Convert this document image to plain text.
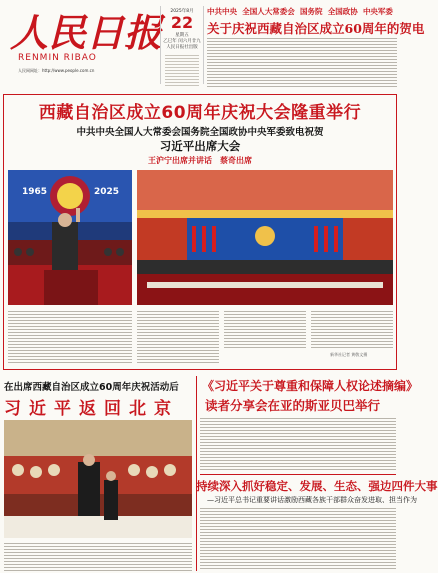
人民日报
RENMIN RIBAO
人民网网址：http://www.people.com.cn
2025年8月
22
星期五
乙巳年 闰六月廿九
人民日报社出版
中共中央 全国人大常委会 国务院 全国政协 中央军委
关于庆祝西藏自治区成立60周年的贺电
西藏自治区成立60周年庆祝大会隆重举行
中共中央全国人大常委会国务院全国政协中央军委致电祝贺
习近平出席大会
王沪宁出席并讲话　蔡奇出席
1965	2025
新华社记者 黄敬文摄
在出席西藏自治区成立60周年庆祝活动后
习近平返回北京
《习近平关于尊重和保障人权论述摘编》
读者分享会在亚的斯亚贝巴举行
持续深入抓好稳定、发展、生态、强边四件大事
—习近平总书记重要讲话激励西藏各族干部群众奋发进取、担当作为
